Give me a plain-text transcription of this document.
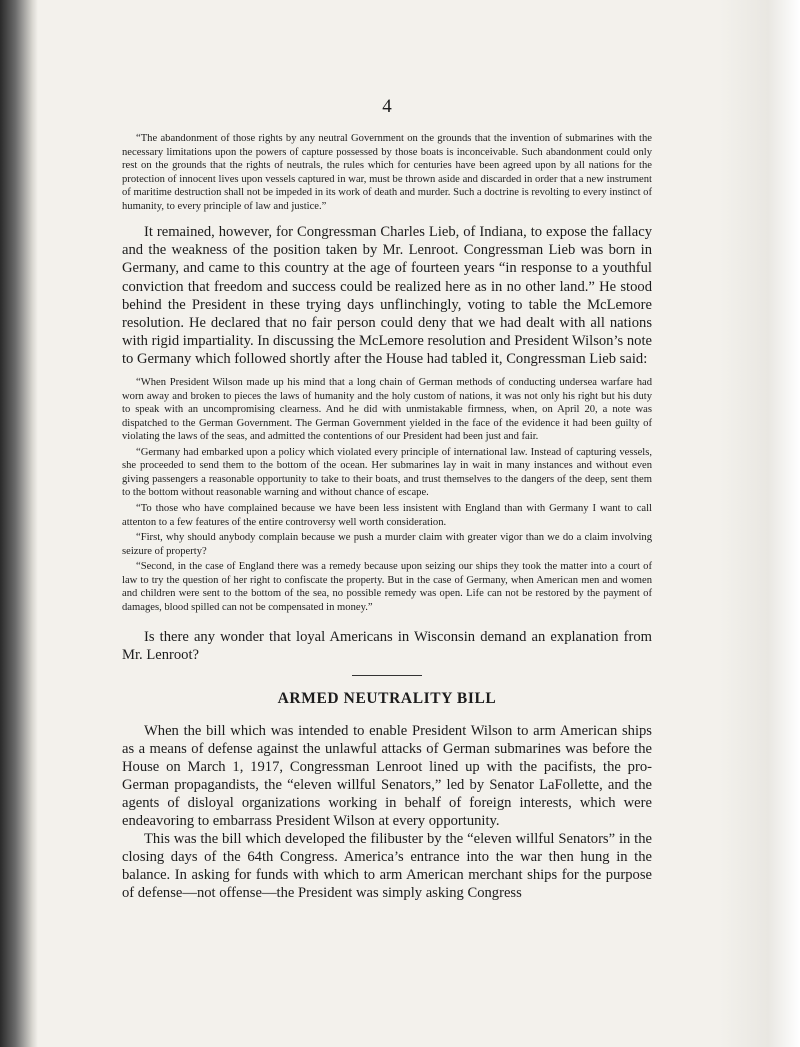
4

“The abandonment of those rights by any neutral Government on the grounds that the invention of submarines with the necessary limitations upon the powers of capture possessed by those boats is inconceivable. Such abandonment could only rest on the grounds that the rights of neutrals, the rules which for centuries have been agreed upon by all nations for the protection of innocent lives upon vessels captured in war, must be thrown aside and discarded in order that a new instrument of maritime destruction shall not be impeded in its work of death and murder. Such a doctrine is revolting to every instinct of humanity, to every principle of law and justice.”

It remained, however, for Congressman Charles Lieb, of Indiana, to expose the fallacy and the weakness of the position taken by Mr. Lenroot. Congressman Lieb was born in Germany, and came to this country at the age of fourteen years “in response to a youthful conviction that freedom and success could be realized here as in no other land.” He stood behind the President in these trying days unflinchingly, voting to table the McLemore resolution. He declared that no fair person could deny that we had dealt with all nations with rigid impartiality. In discussing the McLemore resolution and President Wilson’s note to Germany which followed shortly after the House had tabled it, Congressman Lieb said:

“When President Wilson made up his mind that a long chain of German methods of conducting undersea warfare had worn away and broken to pieces the laws of humanity and the holy custom of nations, it was not only his right but his duty to speak with an uncompromising clearness. And he did with unmistakable firmness, when, on April 20, a note was dispatched to the German Government. The German Government yielded in the face of the evidence it had been guilty of violating the laws of the seas, and admitted the contentions of our President had been just and fair.

“Germany had embarked upon a policy which violated every principle of international law. Instead of capturing vessels, she proceeded to send them to the bottom of the ocean. Her submarines lay in wait in many instances and without even giving passengers a reasonable opportunity to take to their boats, and trust themselves to the dangers of the deep, sent them to the bottom without reasonable warning and without chance of escape.

“To those who have complained because we have been less insistent with England than with Germany I want to call attenton to a few features of the entire controversy well worth consideration.

“First, why should anybody complain because we push a murder claim with greater vigor than we do a claim involving seizure of property?

“Second, in the case of England there was a remedy because upon seizing our ships they took the matter into a court of law to try the question of her right to confiscate the property. But in the case of Germany, when American men and women and children were sent to the bottom of the sea, no possible remedy was open. Life can not be restored by the payment of damages, blood spilled can not be compensated in money.”

Is there any wonder that loyal Americans in Wisconsin demand an explanation from Mr. Lenroot?

ARMED NEUTRALITY BILL

When the bill which was intended to enable President Wilson to arm American ships as a means of defense against the unlawful attacks of German submarines was before the House on March 1, 1917, Congressman Lenroot lined up with the pacifists, the pro-German propagandists, the “eleven willful Senators,” led by Senator LaFollette, and the agents of disloyal organizations working in behalf of foreign interests, which were endeavoring to embarrass President Wilson at every opportunity.

This was the bill which developed the filibuster by the “eleven willful Senators” in the closing days of the 64th Congress. America’s entrance into the war then hung in the balance. In asking for funds with which to arm American merchant ships for the purpose of defense—not offense—the President was simply asking Congress
